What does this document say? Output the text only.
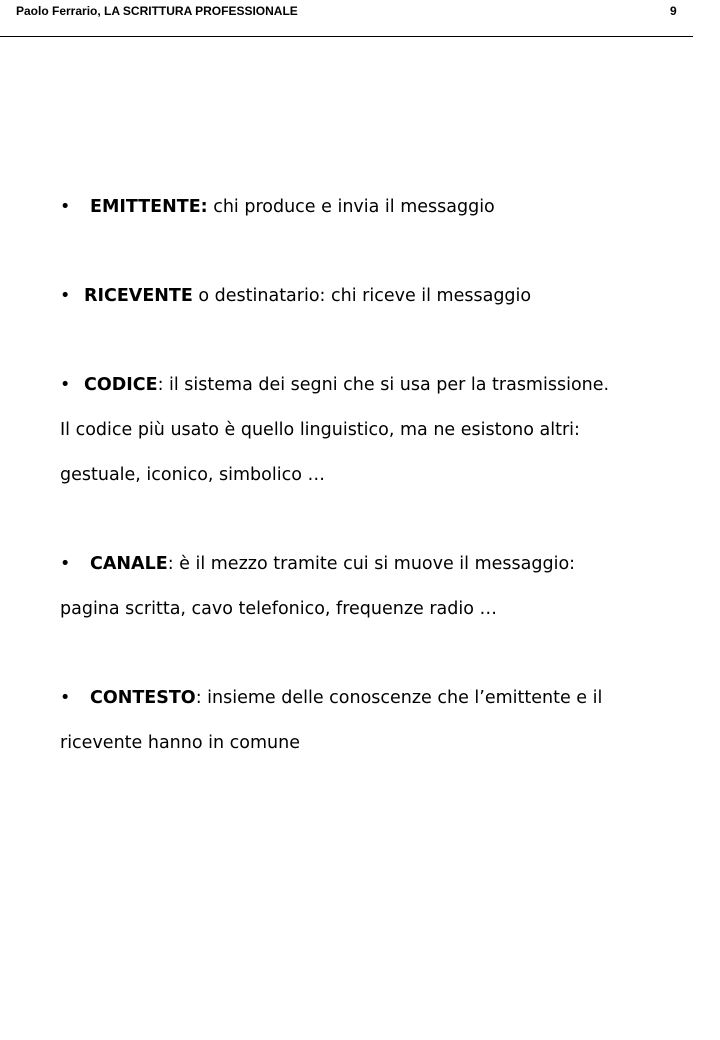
Paolo Ferrario, LA SCRITTURA PROFESSIONALE	9
• EMITTENTE: chi produce e invia il messaggio
• RICEVENTE o destinatario: chi riceve il messaggio
• CODICE: il sistema dei segni che si usa per la trasmissione.
Il codice più usato è quello linguistico, ma ne esistono altri:
gestuale, iconico, simbolico …
• CANALE: è il mezzo tramite cui si muove il messaggio:
pagina scritta, cavo telefonico, frequenze radio …
• CONTESTO: insieme delle conoscenze che l’emittente e il
ricevente hanno in comune
